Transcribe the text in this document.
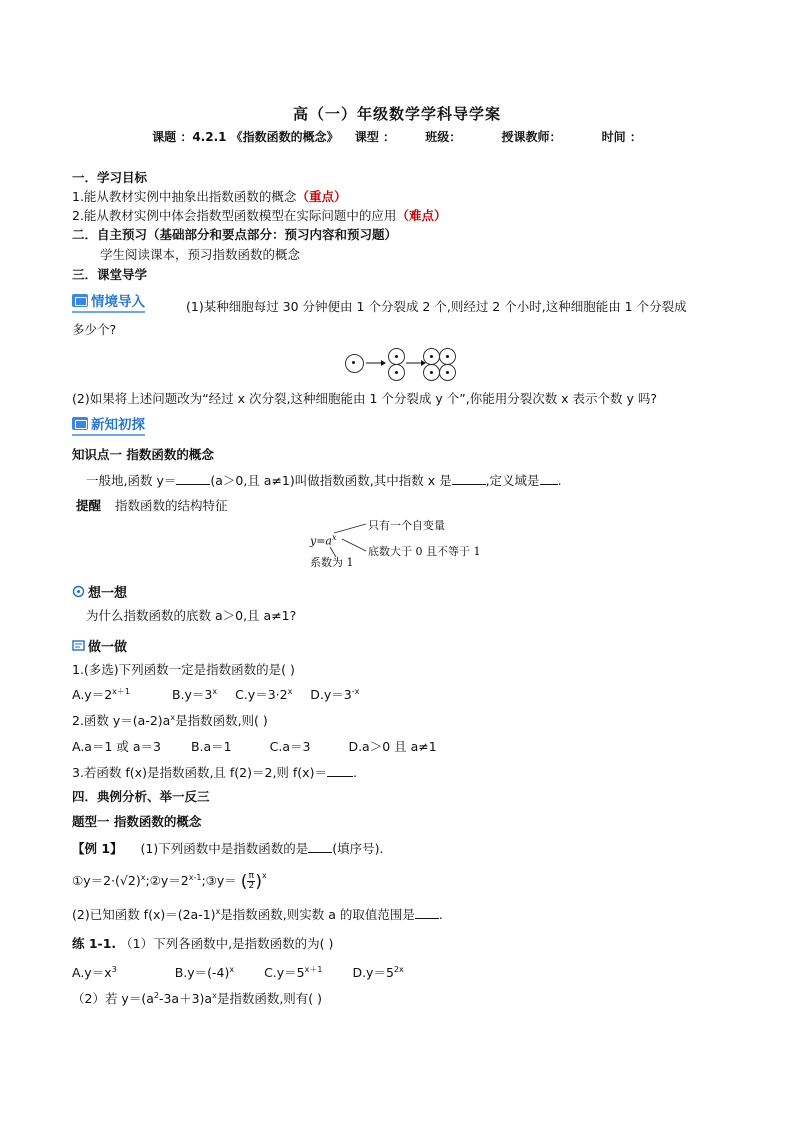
高（一）年级数学学科导学案
课题 ：4.2.1 《指数函数的概念》 课型 ：	班级：	授课教师：	时间 ：
一．学习目标
1.能从教材实例中抽象出指数函数的概念（重点）
2.能从教材实例中体会指数型函数模型在实际问题中的应用（难点）
二．自主预习（基础部分和要点部分：预习内容和预习题）
学生阅读课本，预习指数函数的概念
三．课堂导学
情境导入	(1)某种细胞每过 30 分钟便由 1 个分裂成 2 个,则经过 2 个小时,这种细胞能由 1 个分裂成
多少个?
(2)如果将上述问题改为“经过 x 次分裂,这种细胞能由 1 个分裂成 y 个”,你能用分裂次数 x 表示个数 y 吗?
新知初探
知识点一 指数函数的概念
一般地,函数 y＝	(a＞0,且 a≠1)叫做指数函数,其中指数 x 是	,定义域是 .
提醒 指数函数的结构特征
$y=a^x$
只有一个自变量
底数大于 0 且不等于 1
系数为 1
想一想
为什么指数函数的底数 a＞0,且 a≠1?
做一做
1.(多选)下列函数一定是指数函数的是( )
$A.y=2^{x+1}$	$B.y=3^x$ $C.y=3\cdot 2^x$ $D.y=3^{-x}$
2.函数 $y=(a-2)a^x$是指数函数,则( )
A.a＝1 或 a＝3 B.a＝1	C.a＝3	D.a＞0 且 a≠1
3.若函数 f(x)是指数函数,且 f(2)＝2,则 f(x)＝ .
四．典例分析、举一反三
题型一 指数函数的概念
【例 1】 (1)下列函数中是指数函数的是 (填序号).
$①y=2\cdot(√2)^x;②y=2^{x-1};③y=$ ( $\frac{\pi}{2} )^x$
(2)已知函数 $f(x)=(2a-1)^x$是指数函数,则实数 a 的取值范围是 .
练 1-1. （1）下列各函数中,是指数函数的为( )
$A.y=x^3$	$B.y=(-4)^x$ $C.y=5^{x+1}$ $D.y=5^{2x}$
（2）若 $y=(a^2-3a+3)a^x$是指数函数,则有( )
